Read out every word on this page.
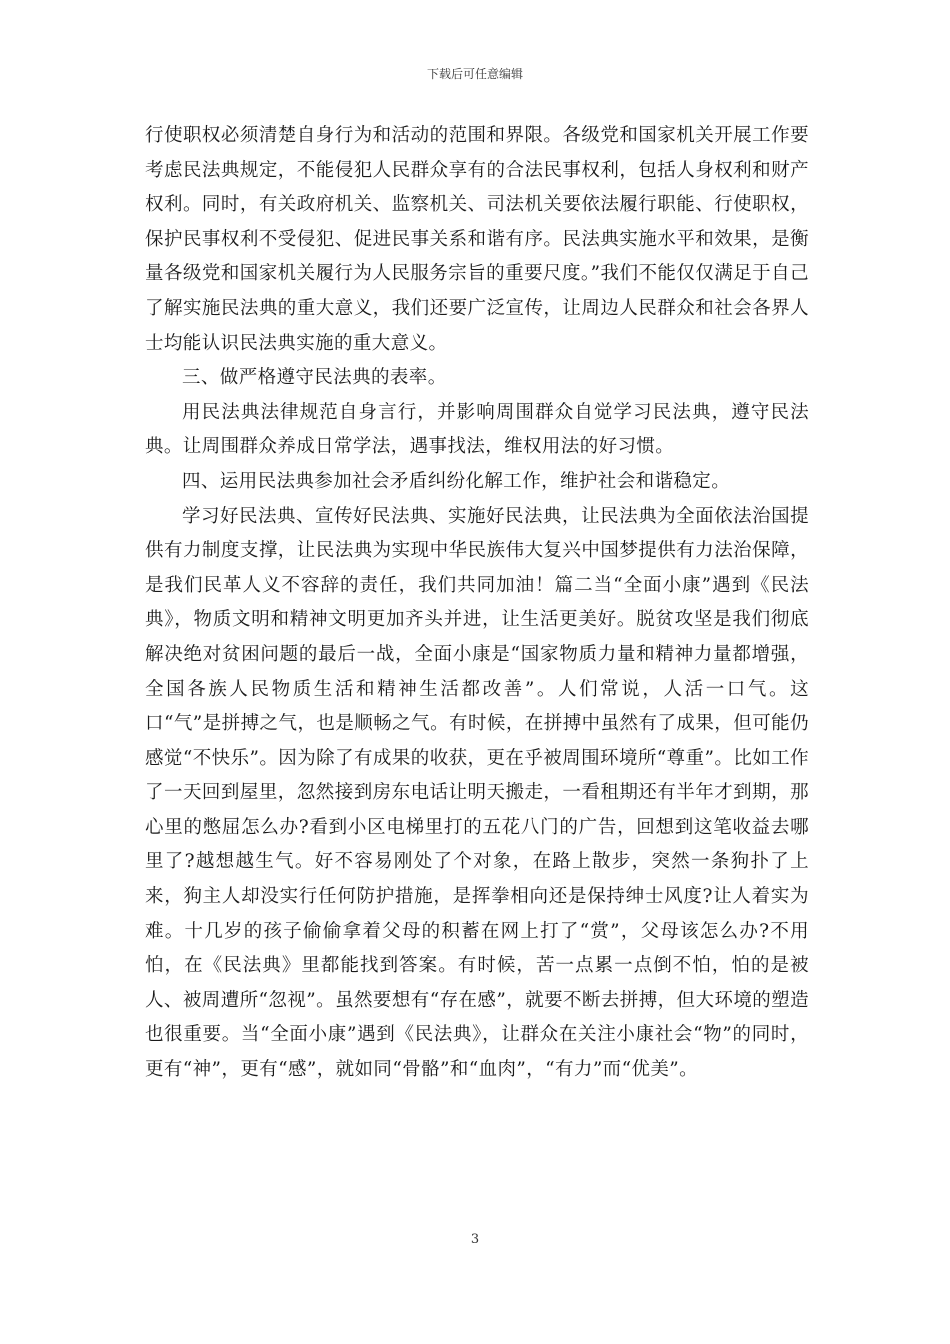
下载后可任意编辑

行使职权必须清楚自身行为和活动的范围和界限。各级党和国家机关开展工作要考虑民法典规定，不能侵犯人民群众享有的合法民事权利，包括人身权利和财产权利。同时，有关政府机关、监察机关、司法机关要依法履行职能、行使职权，保护民事权利不受侵犯、促进民事关系和谐有序。民法典实施水平和效果，是衡量各级党和国家机关履行为人民服务宗旨的重要尺度。”我们不能仅仅满足于自己了解实施民法典的重大意义，我们还要广泛宣传，让周边人民群众和社会各界人士均能认识民法典实施的重大意义。

三、做严格遵守民法典的表率。

用民法典法律规范自身言行，并影响周围群众自觉学习民法典，遵守民法典。让周围群众养成日常学法，遇事找法，维权用法的好习惯。

四、运用民法典参加社会矛盾纠纷化解工作，维护社会和谐稳定。

学习好民法典、宣传好民法典、实施好民法典，让民法典为全面依法治国提供有力制度支撑，让民法典为实现中华民族伟大复兴中国梦提供有力法治保障，是我们民革人义不容辞的责任，我们共同加油！篇二当“全面小康”遇到《民法典》，物质文明和精神文明更加齐头并进，让生活更美好。脱贫攻坚是我们彻底解决绝对贫困问题的最后一战，全面小康是“国家物质力量和精神力量都增强，全国各族人民物质生活和精神生活都改善”。人们常说，人活一口气。这口“气”是拼搏之气，也是顺畅之气。有时候，在拼搏中虽然有了成果，但可能仍感觉“不快乐”。因为除了有成果的收获，更在乎被周围环境所“尊重”。比如工作了一天回到屋里，忽然接到房东电话让明天搬走，一看租期还有半年才到期，那心里的憋屈怎么办?看到小区电梯里打的五花八门的广告，回想到这笔收益去哪里了?越想越生气。好不容易刚处了个对象，在路上散步，突然一条狗扑了上来，狗主人却没实行任何防护措施，是挥拳相向还是保持绅士风度?让人着实为难。十几岁的孩子偷偷拿着父母的积蓄在网上打了“赏”，父母该怎么办?不用怕，在《民法典》里都能找到答案。有时候，苦一点累一点倒不怕，怕的是被人、被周遭所“忽视”。虽然要想有“存在感”，就要不断去拼搏，但大环境的塑造也很重要。当“全面小康”遇到《民法典》，让群众在关注小康社会“物”的同时，更有“神”，更有“感”，就如同“骨骼”和“血肉”，“有力”而“优美”。

3
